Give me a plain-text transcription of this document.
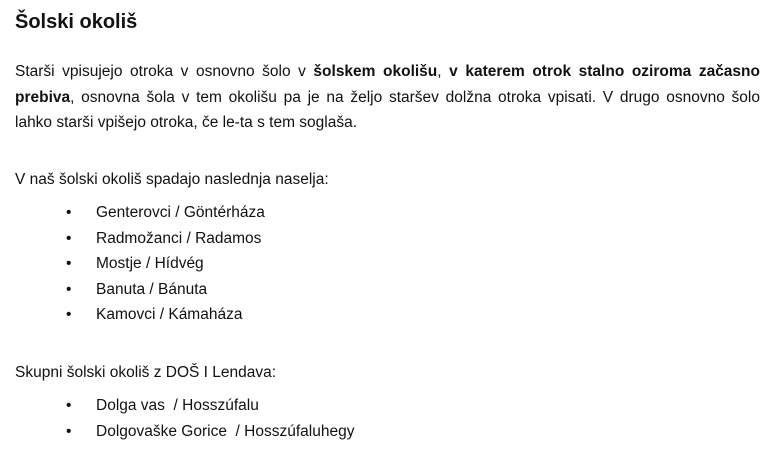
Šolski okoliš

Starši vpisujejo otroka v osnovno šolo v šolskem okolišu, v katerem otrok stalno oziroma začasno prebiva, osnovna šola v tem okolišu pa je na željo staršev dolžna otroka vpisati. V drugo osnovno šolo lahko starši vpišejo otroka, če le-ta s tem soglaša.

V naš šolski okoliš spadajo naslednja naselja:

• Genterovci / Göntérháza
• Radmožanci / Radamos
• Mostje / Hídvég
• Banuta / Bánuta
• Kamovci / Kámaháza

Skupni šolski okoliš z DOŠ I Lendava:

• Dolga vas  / Hosszúfalu
• Dolgovaške Gorice  / Hosszúfaluhegy
